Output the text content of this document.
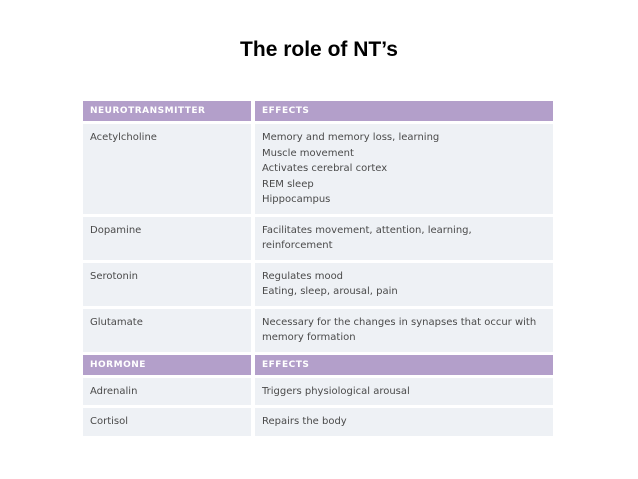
The role of NT’s
NEUROTRANSMITTER	EFFECTS
Acetylcholine	Memory and memory loss, learning
Muscle movement
Activates cerebral cortex
REM sleep
Hippocampus
Dopamine	Facilitates movement, attention, learning,
reinforcement
Serotonin	Regulates mood
Eating, sleep, arousal, pain
Glutamate	Necessary for the changes in synapses that occur with
memory formation
HORMONE	EFFECTS
Adrenalin	Triggers physiological arousal
Cortisol	Repairs the body
